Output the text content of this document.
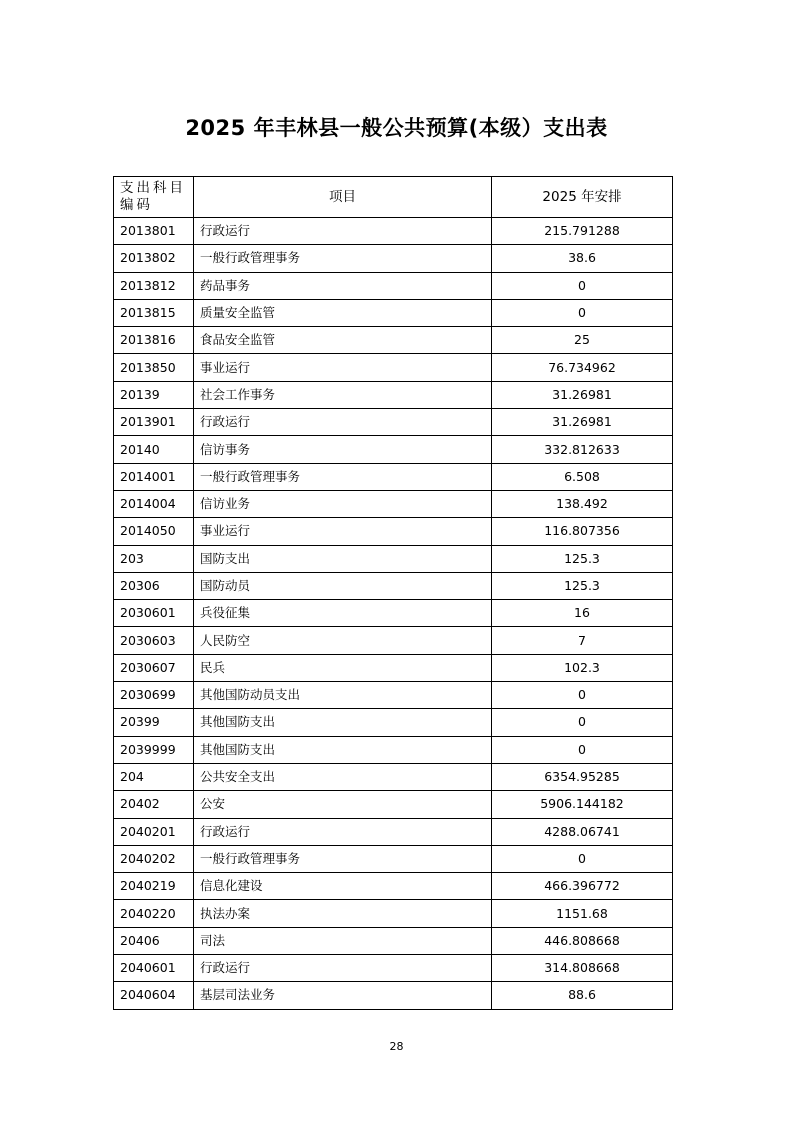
2025 年丰林县一般公共预算(本级）支出表
支出科目编码	项目	2025 年安排
2013801	行政运行	215.791288
2013802	一般行政管理事务	38.6
2013812	药品事务	0
2013815	质量安全监管	0
2013816	食品安全监管	25
2013850	事业运行	76.734962
20139	社会工作事务	31.26981
2013901	行政运行	31.26981
20140	信访事务	332.812633
2014001	一般行政管理事务	6.508
2014004	信访业务	138.492
2014050	事业运行	116.807356
203	国防支出	125.3
20306	国防动员	125.3
2030601	兵役征集	16
2030603	人民防空	7
2030607	民兵	102.3
2030699	其他国防动员支出	0
20399	其他国防支出	0
2039999	其他国防支出	0
204	公共安全支出	6354.95285
20402	公安	5906.144182
2040201	行政运行	4288.06741
2040202	一般行政管理事务	0
2040219	信息化建设	466.396772
2040220	执法办案	1151.68
20406	司法	446.808668
2040601	行政运行	314.808668
2040604	基层司法业务	88.6
28
